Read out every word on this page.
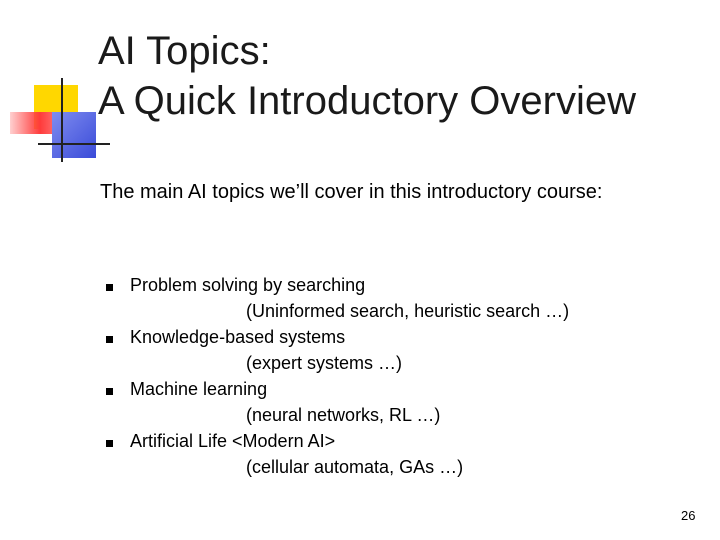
AI Topics:
A Quick Introductory Overview

The main AI topics we’ll cover in this introductory course:

Problem solving by searching
(Uninformed search, heuristic search …)
Knowledge-based systems
(expert systems …)
Machine learning
(neural networks, RL …)
Artificial Life <Modern AI>
(cellular automata, GAs …)
26
